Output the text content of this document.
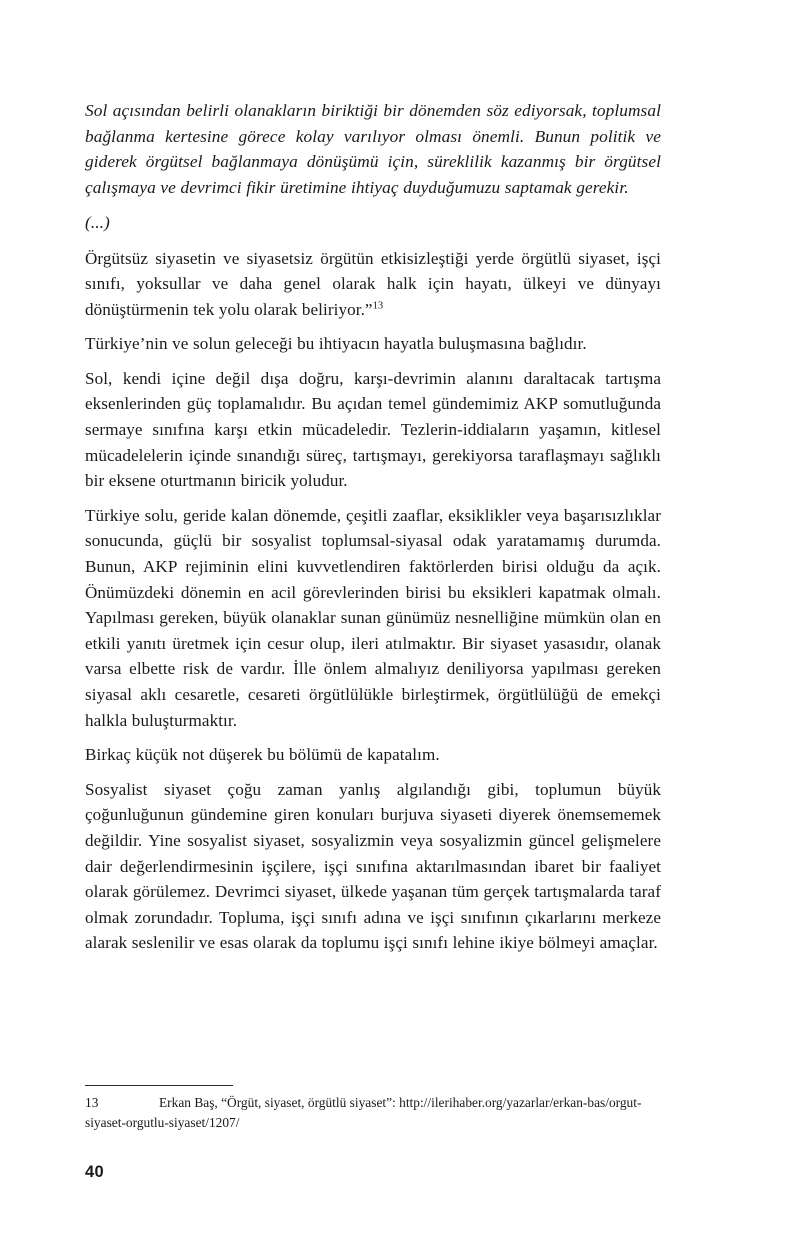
Sol açısından belirli olanakların biriktiği bir dönemden söz ediyorsak, toplumsal bağlanma kertesine görece kolay varılıyor olması önemli. Bunun politik ve giderek örgütsel bağlanmaya dönüşümü için, süreklilik kazanmış bir örgütsel çalışmaya ve devrimci fikir üretimine ihtiyaç duyduğumuzu saptamak gerekir.

(...)

Örgütsüz siyasetin ve siyasetsiz örgütün etkisizleştiği yerde örgütlü siyaset, işçi sınıfı, yoksullar ve daha genel olarak halk için hayatı, ülkeyi ve dünyayı dönüştürmenin tek yolu olarak beliriyor.”$^{13}$

Türkiye’nin ve solun geleceği bu ihtiyacın hayatla buluşmasına bağlıdır.

Sol, kendi içine değil dışa doğru, karşı-devrimin alanını daraltacak tartışma eksenlerinden güç toplamalıdır. Bu açıdan temel gündemimiz AKP somutluğunda sermaye sınıfına karşı etkin mücadeledir. Tezlerin-iddiaların yaşamın, kitlesel mücadelelerin içinde sınandığı süreç, tartışmayı, gerekiyorsa taraflaşmayı sağlıklı bir eksene oturtmanın biricik yoludur.

Türkiye solu, geride kalan dönemde, çeşitli zaaflar, eksiklikler veya başarısızlıklar sonucunda, güçlü bir sosyalist toplumsal-siyasal odak yaratamamış durumda. Bunun, AKP rejiminin elini kuvvetlendiren faktörlerden birisi olduğu da açık. Önümüzdeki dönemin en acil görevlerinden birisi bu eksikleri kapatmak olmalı. Yapılması gereken, büyük olanaklar sunan günümüz nesnelliğine mümkün olan en etkili yanıtı üretmek için cesur olup, ileri atılmaktır. Bir siyaset yasasıdır, olanak varsa elbette risk de vardır. İlle önlem almalıyız deniliyorsa yapılması gereken siyasal aklı cesaretle, cesareti örgütlülükle birleştirmek, örgütlülüğü de emekçi halkla buluşturmaktır.

Birkaç küçük not düşerek bu bölümü de kapatalım.

Sosyalist siyaset çoğu zaman yanlış algılandığı gibi, toplumun büyük çoğunluğunun gündemine giren konuları burjuva siyaseti diyerek önemsememek değildir. Yine sosyalist siyaset, sosyalizmin veya sosyalizmin güncel gelişmelere dair değerlendirmesinin işçilere, işçi sınıfına aktarılmasından ibaret bir faaliyet olarak görülemez. Devrimci siyaset, ülkede yaşanan tüm gerçek tartışmalarda taraf olmak zorundadır. Topluma, işçi sınıfı adına ve işçi sınıfının çıkarlarını merkeze alarak seslenilir ve esas olarak da toplumu işçi sınıfı lehine ikiye bölmeyi amaçlar.

13	Erkan Baş, “Örgüt, siyaset, örgütlü siyaset”: http://ilerihaber.org/yazarlar/erkan-bas/orgut-siyaset-orgutlu-siyaset/1207/
40
